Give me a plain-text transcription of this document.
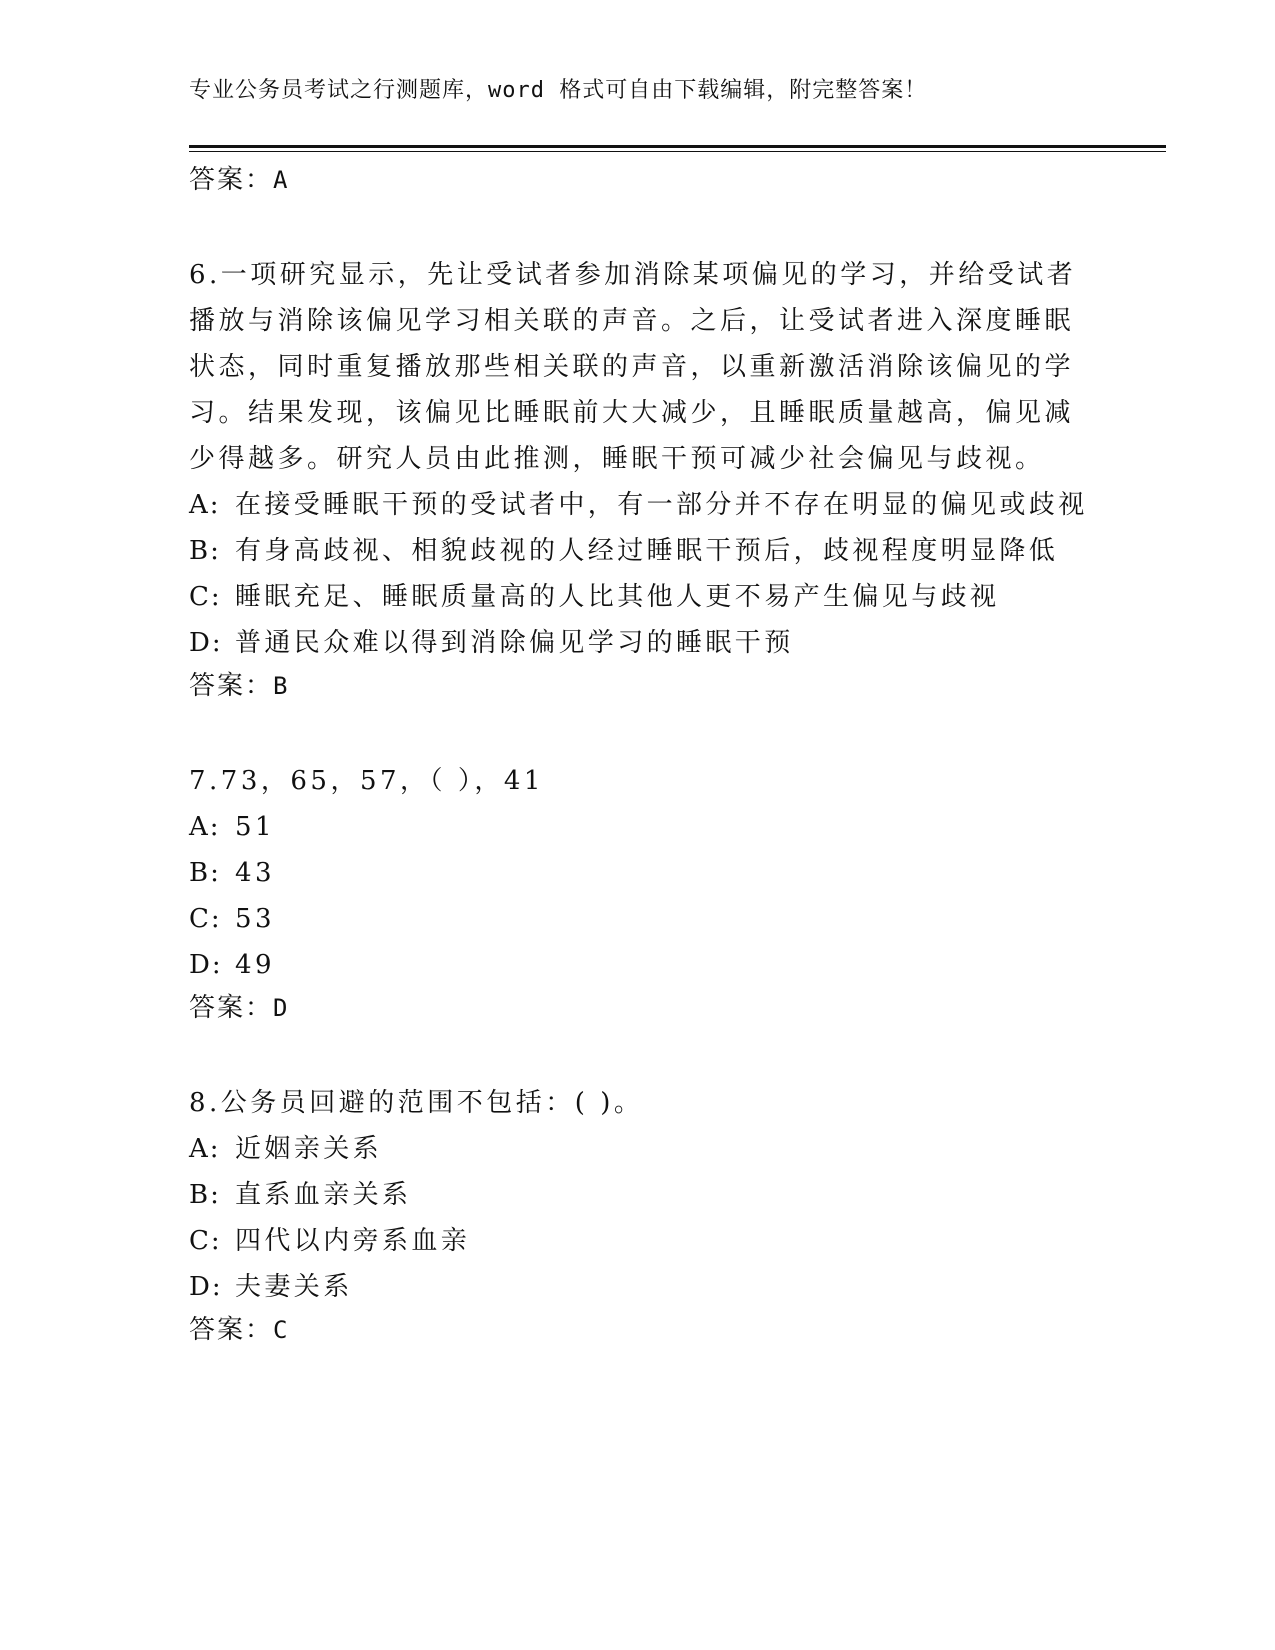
专业公务员考试之行测题库，word 格式可自由下载编辑，附完整答案！
答案：A
6.一项研究显示，先让受试者参加消除某项偏见的学习，并给受试者
播放与消除该偏见学习相关联的声音。之后，让受试者进入深度睡眠
状态，同时重复播放那些相关联的声音，以重新激活消除该偏见的学
习。结果发现，该偏见比睡眠前大大减少，且睡眠质量越高，偏见减
少得越多。研究人员由此推测，睡眠干预可减少社会偏见与歧视。
A: 在接受睡眠干预的受试者中，有一部分并不存在明显的偏见或歧视
B: 有身高歧视、相貌歧视的人经过睡眠干预后，歧视程度明显降低
C: 睡眠充足、睡眠质量高的人比其他人更不易产生偏见与歧视
D: 普通民众难以得到消除偏见学习的睡眠干预
答案：B
7.73，65，57，（ ），41
A: 51
B: 43
C: 53
D: 49
答案：D
8.公务员回避的范围不包括：( )。
A: 近姻亲关系
B: 直系血亲关系
C: 四代以内旁系血亲
D: 夫妻关系
答案：C
